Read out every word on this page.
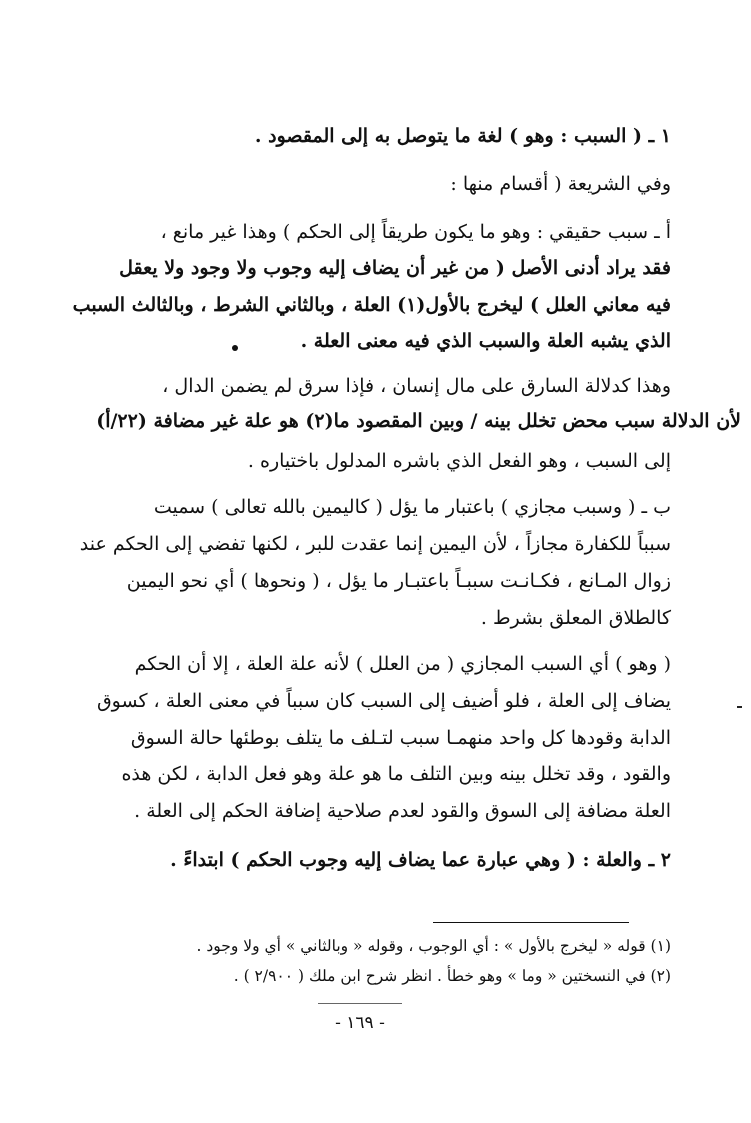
١ ـ ( السبب : وهو ) لغة ما يتوصل به إلى المقصود .
وفي الشريعة ( أقسام منها :
أ ـ سبب حقيقي : وهو ما يكون طريقاً إلى الحكم ) وهذا غير مانع ،
فقد يراد أدنى الأصل ( من غير أن يضاف إليه وجوب ولا وجود ولا يعقل
فيه معاني العلل ) ليخرج بالأول(١) العلة ، وبالثاني الشرط ، وبالثالث السبب
الذي يشبه العلة والسبب الذي فيه معنى العلة .
وهذا كدلالة السارق على مال إنسان ، فإذا سرق لم يضمن الدال ،
لأن الدلالة سبب محض تخلل بينه / وبين المقصود ما(٢) هو علة غير مضافة (٢٢/أ)
إلى السبب ، وهو الفعل الذي باشره المدلول باختياره .
ب ـ ( وسبب مجازي ) باعتبار ما يؤل ( كاليمين بالله تعالى ) سميت
سبباً للكفارة مجازاً ، لأن اليمين إنما عقدت للبر ، لكنها تفضي إلى الحكم عند
زوال المـانع ، فكـانـت سببـاً باعتبـار ما يؤل ، ( ونحوها ) أي نحو اليمين
كالطلاق المعلق بشرط .
( وهو ) أي السبب المجازي ( من العلل ) لأنه علة العلة ، إلا أن الحكم
يضاف إلى العلة ، فلو أضيف إلى السبب كان سبباً في معنى العلة ، كسوق
الدابة وقودها كل واحد منهمـا سبب لتـلف ما يتلف بوطئها حالة السوق
والقود ، وقد تخلل بينه وبين التلف ما هو علة وهو فعل الدابة ، لكن هذه
العلة مضافة إلى السوق والقود لعدم صلاحية إضافة الحكم إلى العلة .
٢ ـ والعلة : ( وهي عبارة عما يضاف إليه وجوب الحكم ) ابتداءً .
(١) قوله « ليخرج بالأول » : أي الوجوب ، وقوله « وبالثاني » أي ولا وجود .
(٢) في النسختين « وما » وهو خطأ . انظر شرح ابن ملك ( ٢/٩٠٠ ) .
- ١٦٩ -
